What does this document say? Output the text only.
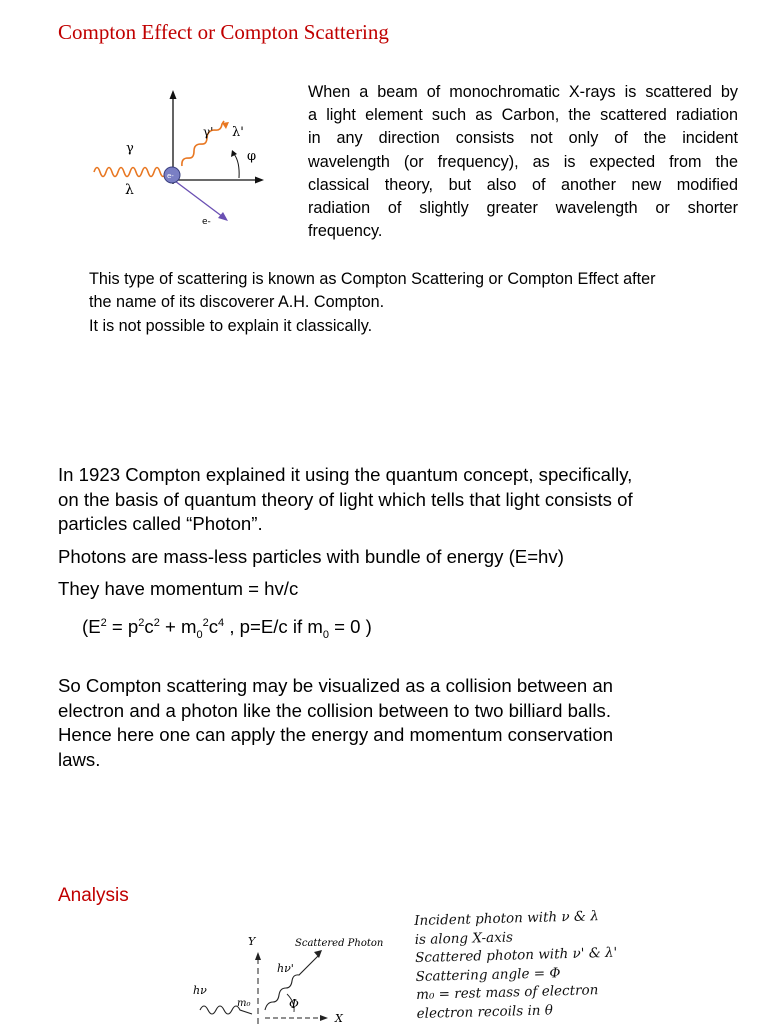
Compton Effect or Compton Scattering
e-
γ
λ
γ' λ'
φ
e-
When a beam of monochromatic X-rays is scattered by
a light element such as Carbon, the scattered radiation
in any direction consists not only of the incident
wavelength (or frequency), as is expected from the
classical theory, but also of another new modified
radiation of slightly greater wavelength or shorter
frequency.
This type of scattering is known as Compton Scattering or Compton Effect after
the name of its discoverer A.H. Compton.
It is not possible to explain it classically.
In 1923 Compton explained it using the quantum concept, specifically,
on the basis of quantum theory of light which tells that light consists of
particles called “Photon”.
Photons are mass-less particles with bundle of energy (E=hv)
They have momentum = hv/c
($E^2 = p^2c^2 + m_0^2c^4$ , p=E/c if $m_0 = 0$ )
So Compton scattering may be visualized as a collision between an
electron and a photon like the collision between to two billiard balls.
Hence here one can apply the energy and momentum conservation
laws.
Analysis
Y	Scattered Photon
hν'
hν
m₀	Φ
X
Incident photon with ν & λ
is along X-axis
Scattered photon with ν' & λ'
Scattering angle = Φ
m₀ = rest mass of electron
electron recoils in θ
